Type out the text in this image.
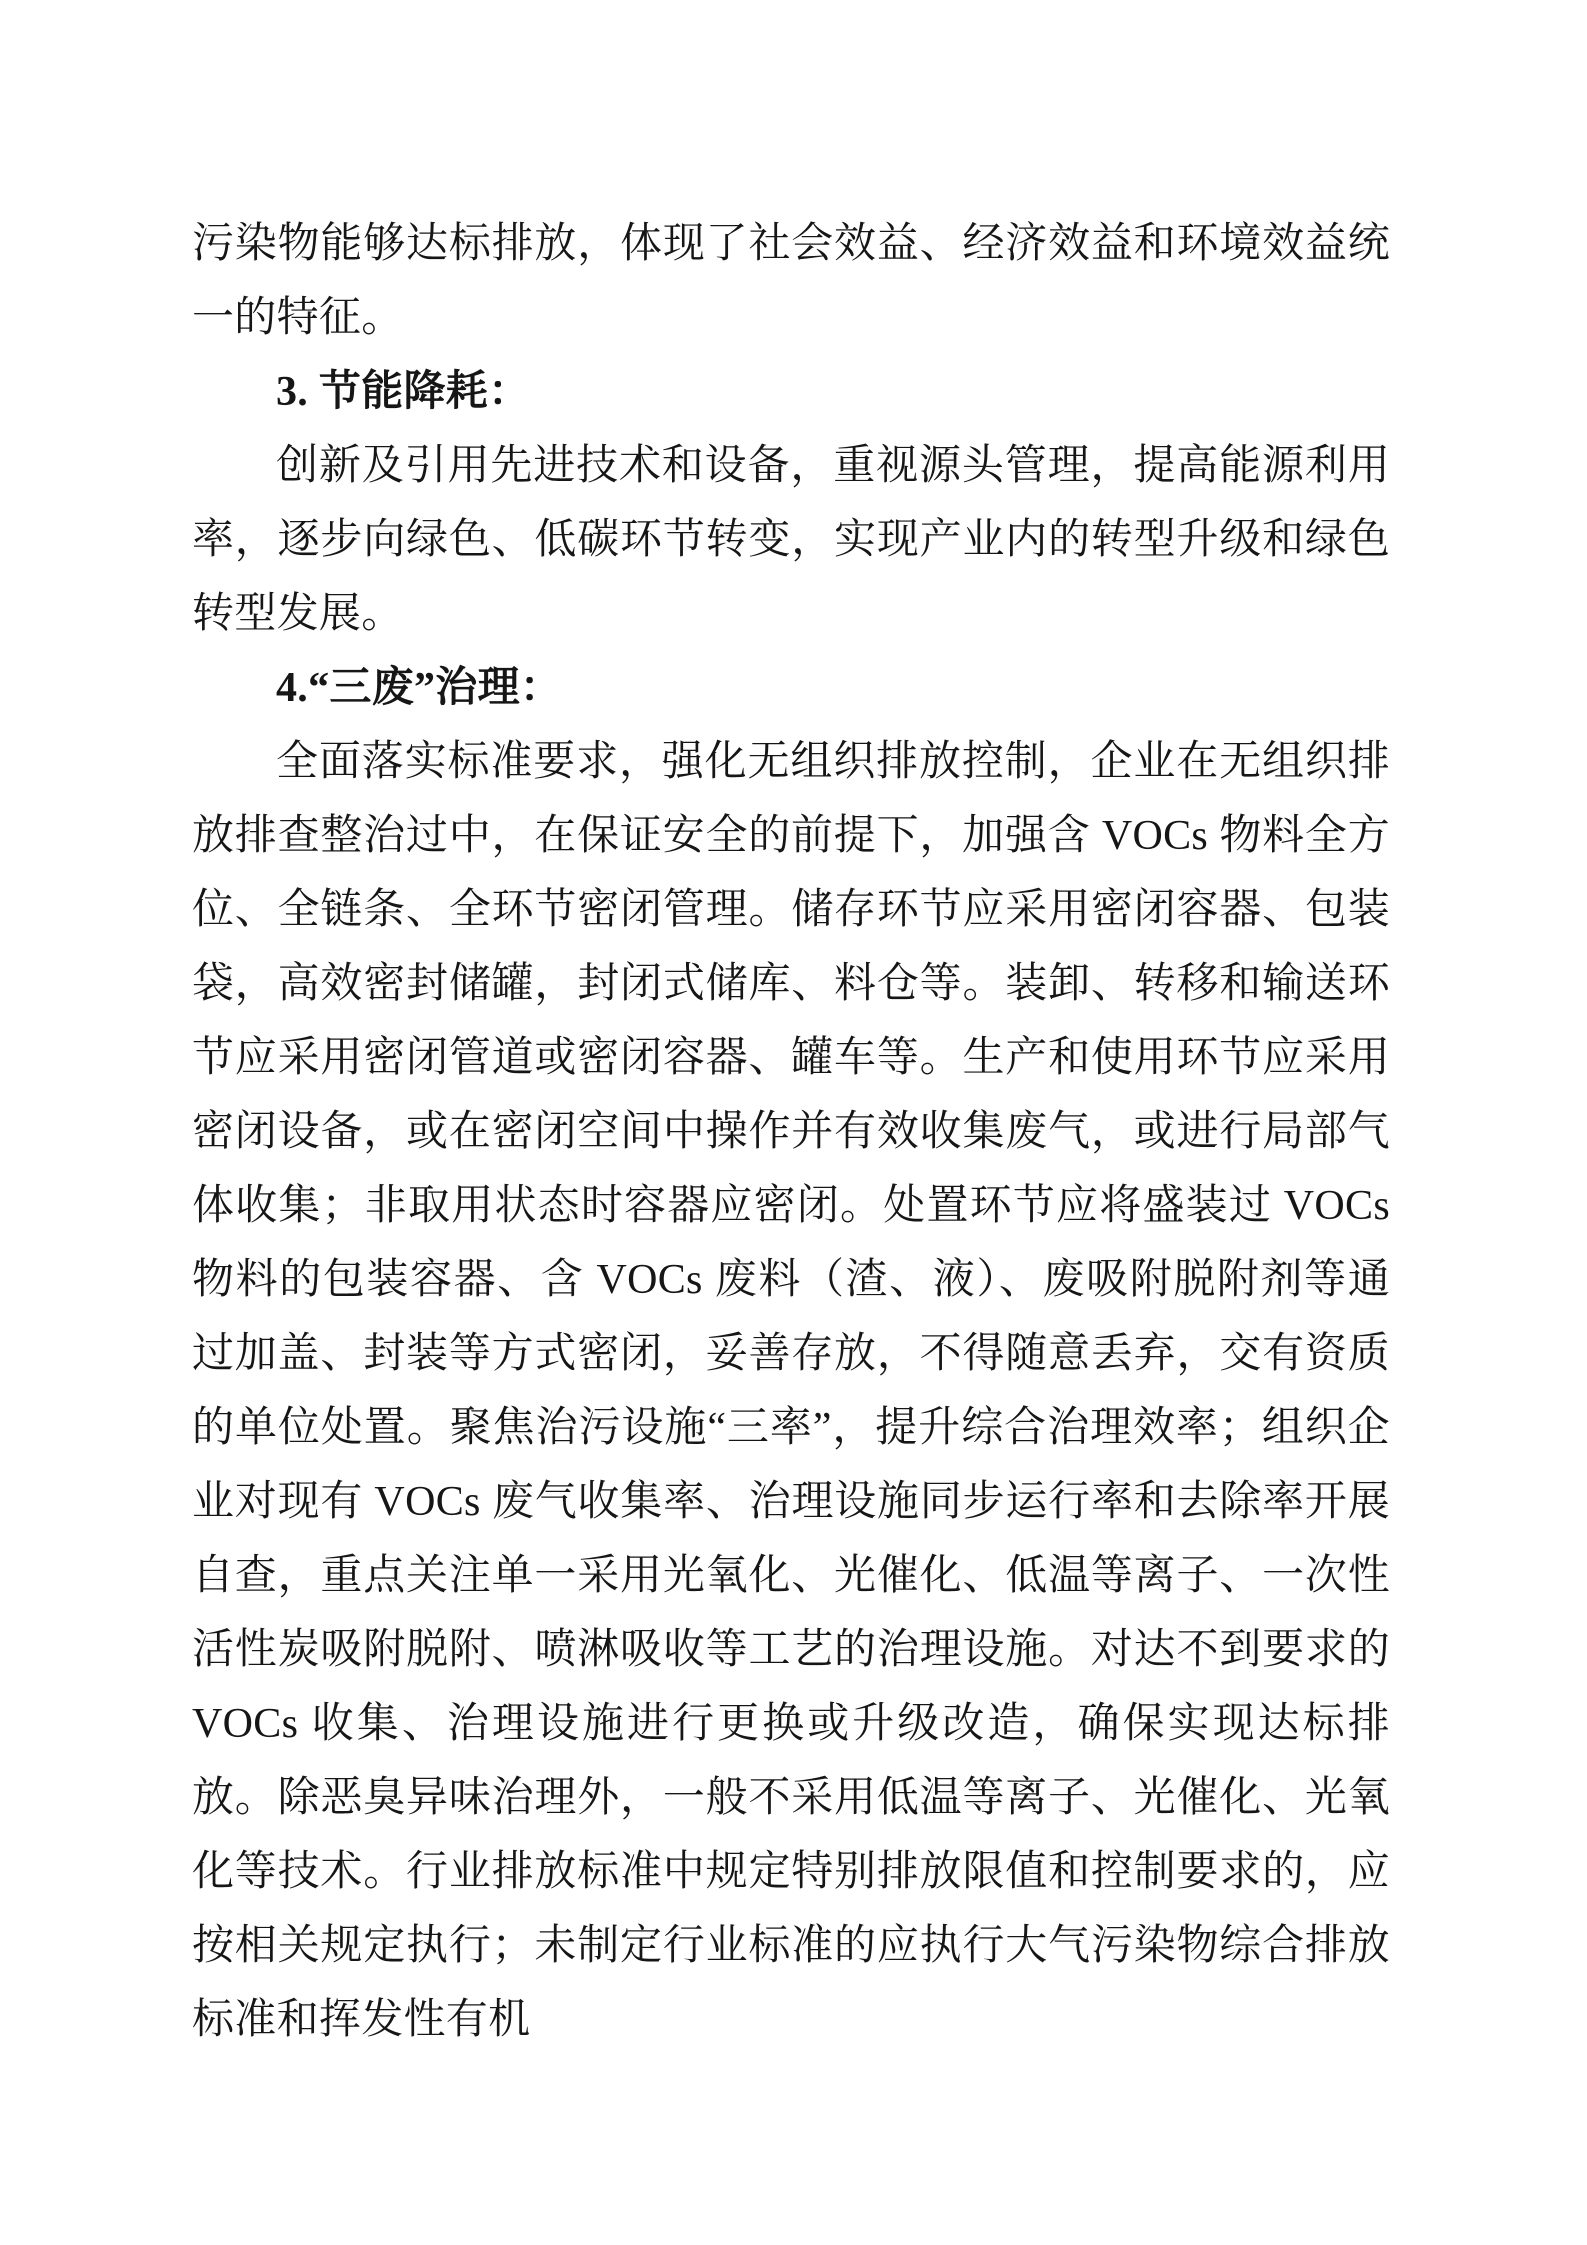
污染物能够达标排放，体现了社会效益、经济效益和环境效益统一的特征。

3. 节能降耗：

创新及引用先进技术和设备，重视源头管理，提高能源利用率，逐步向绿色、低碳环节转变，实现产业内的转型升级和绿色转型发展。

4.“三废”治理：

全面落实标准要求，强化无组织排放控制，企业在无组织排放排查整治过中，在保证安全的前提下，加强含 VOCs 物料全方位、全链条、全环节密闭管理。储存环节应采用密闭容器、包装袋，高效密封储罐，封闭式储库、料仓等。装卸、转移和输送环节应采用密闭管道或密闭容器、罐车等。生产和使用环节应采用密闭设备，或在密闭空间中操作并有效收集废气，或进行局部气体收集；非取用状态时容器应密闭。处置环节应将盛装过 VOCs 物料的包装容器、含 VOCs 废料（渣、液）、废吸附脱附剂等通过加盖、封装等方式密闭，妥善存放，不得随意丢弃，交有资质的单位处置。聚焦治污设施“三率”，提升综合治理效率；组织企业对现有 VOCs 废气收集率、治理设施同步运行率和去除率开展自查，重点关注单一采用光氧化、光催化、低温等离子、一次性活性炭吸附脱附、喷淋吸收等工艺的治理设施。对达不到要求的 VOCs 收集、治理设施进行更换或升级改造，确保实现达标排放。除恶臭异味治理外，一般不采用低温等离子、光催化、光氧化等技术。行业排放标准中规定特别排放限值和控制要求的，应按相关规定执行；未制定行业标准的应执行大气污染物综合排放标准和挥发性有机
